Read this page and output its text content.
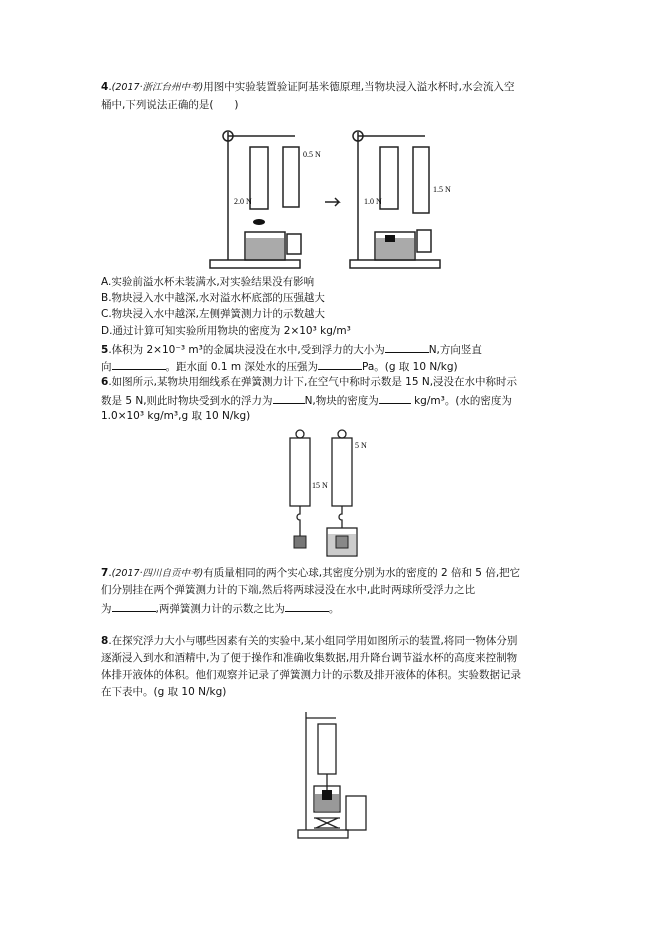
4.(2017·浙江台州中考)用图中实验装置验证阿基米德原理,当物块浸入溢水杯时,水会流入空
桶中,下列说法正确的是(　　)
2.0 N
0.5 N
1.0 N
1.5 N
A.实验前溢水杯未装满水,对实验结果没有影响
B.物块浸入水中越深,水对溢水杯底部的压强越大
C.物块浸入水中越深,左侧弹簧测力计的示数越大
D.通过计算可知实验所用物块的密度为 2×10³ kg/m³
5.体积为 2×10⁻³ m³的金属块浸没在水中,受到浮力的大小为	N,方向竖直
向	。距水面 0.1 m 深处水的压强为	Pa。(g 取 10 N/kg)
6.如图所示,某物块用细线系在弹簧测力计下,在空气中称时示数是 15 N,浸没在水中称时示
数是 5 N,则此时物块受到水的浮力为	N,物块的密度为	kg/m³。(水的密度为
1.0×10³ kg/m³,g 取 10 N/kg)
15 N
5 N
7.(2017·四川自贡中考)有质量相同的两个实心球,其密度分别为水的密度的 2 倍和 5 倍,把它
们分别挂在两个弹簧测力计的下端,然后将两球浸没在水中,此时两球所受浮力之比
为	,两弹簧测力计的示数之比为	。
8.在探究浮力大小与哪些因素有关的实验中,某小组同学用如图所示的装置,将同一物体分别
逐渐浸入到水和酒精中,为了便于操作和准确收集数据,用升降台调节溢水杯的高度来控制物
体排开液体的体积。他们观察并记录了弹簧测力计的示数及排开液体的体积。实验数据记录
在下表中。(g 取 10 N/kg)
